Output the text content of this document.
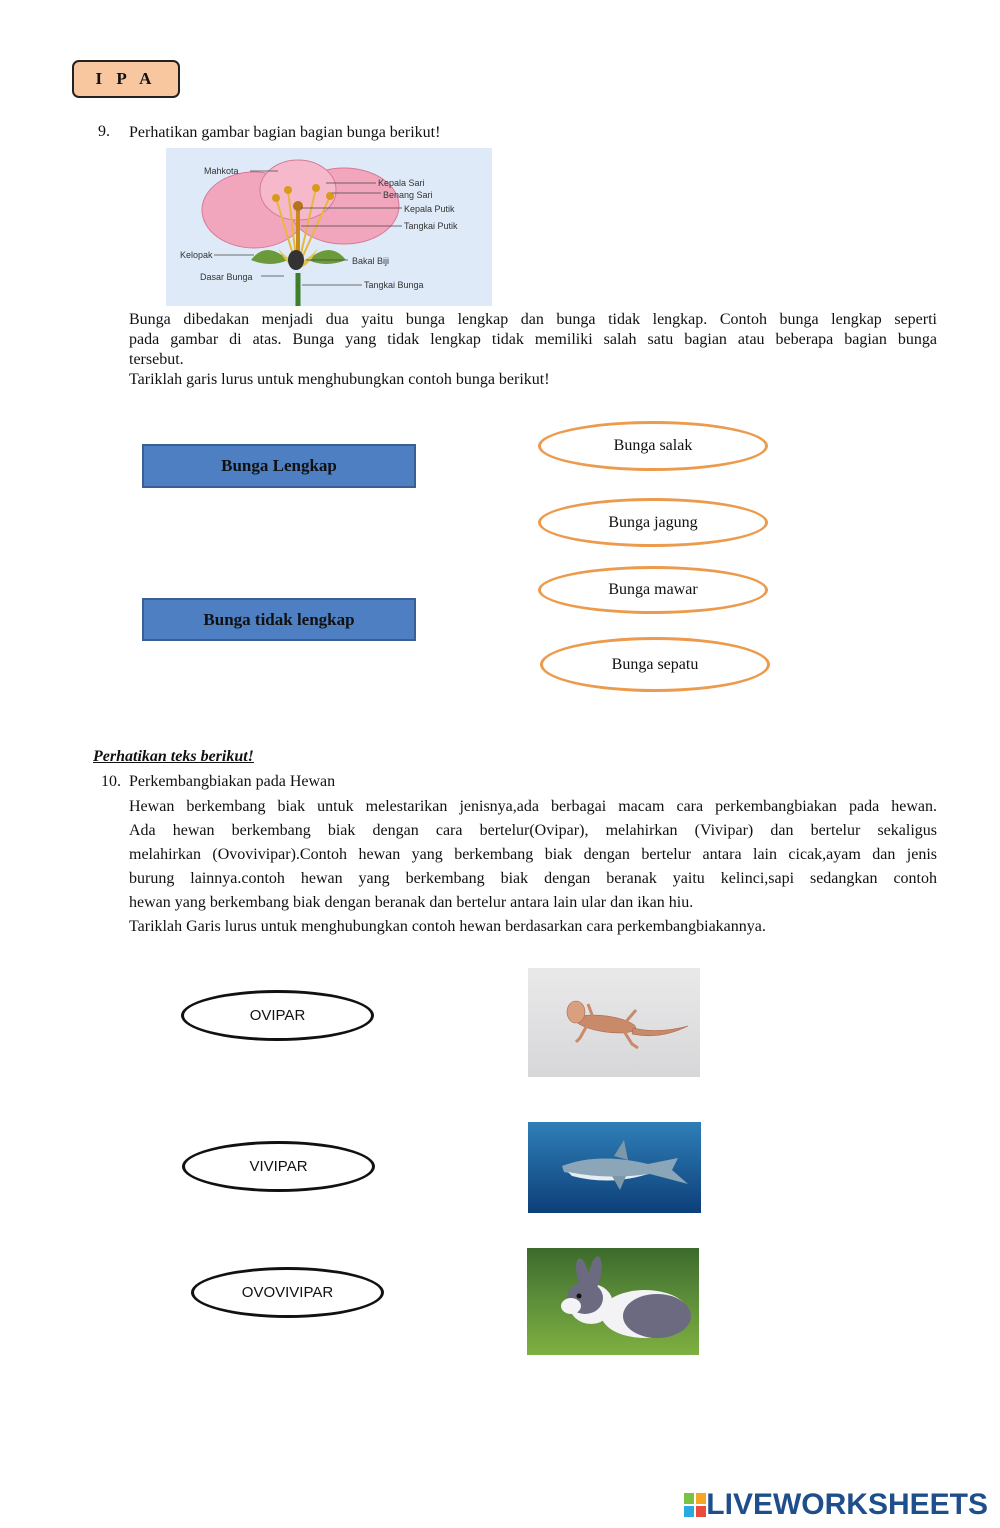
I P A
9. Perhatikan gambar bagian bagian bunga berikut!
Mahkota
Kepala Sari
Benang Sari
Kepala Putik
Tangkai Putik
Kelopak
Bakal Biji
Dasar Bunga
Tangkai Bunga
Bunga dibedakan menjadi dua yaitu bunga lengkap dan bunga tidak lengkap. Contoh bunga lengkap seperti
pada gambar di atas. Bunga yang tidak lengkap tidak memiliki salah satu bagian atau beberapa bagian bunga
tersebut.
Tariklah garis lurus untuk menghubungkan contoh bunga berikut!
Bunga Lengkap
Bunga tidak lengkap
Bunga salak
Bunga jagung
Bunga mawar
Bunga sepatu
Perhatikan teks berikut!
10. Perkembangbiakan pada Hewan
Hewan berkembang biak untuk melestarikan jenisnya,ada berbagai macam cara perkembangbiakan pada hewan.
Ada hewan berkembang biak dengan cara bertelur(Ovipar), melahirkan (Vivipar) dan bertelur sekaligus
melahirkan (Ovovivipar).Contoh hewan yang berkembang biak dengan bertelur antara lain cicak,ayam dan jenis
burung lainnya.contoh hewan yang berkembang biak dengan beranak yaitu kelinci,sapi sedangkan contoh
hewan yang berkembang biak dengan beranak dan bertelur antara lain ular dan ikan hiu.
Tariklah Garis lurus untuk menghubungkan contoh hewan berdasarkan cara perkembangbiakannya.
OVIPAR
VIVIPAR
OVOVIVIPAR
LIVEWORKSHEETS
